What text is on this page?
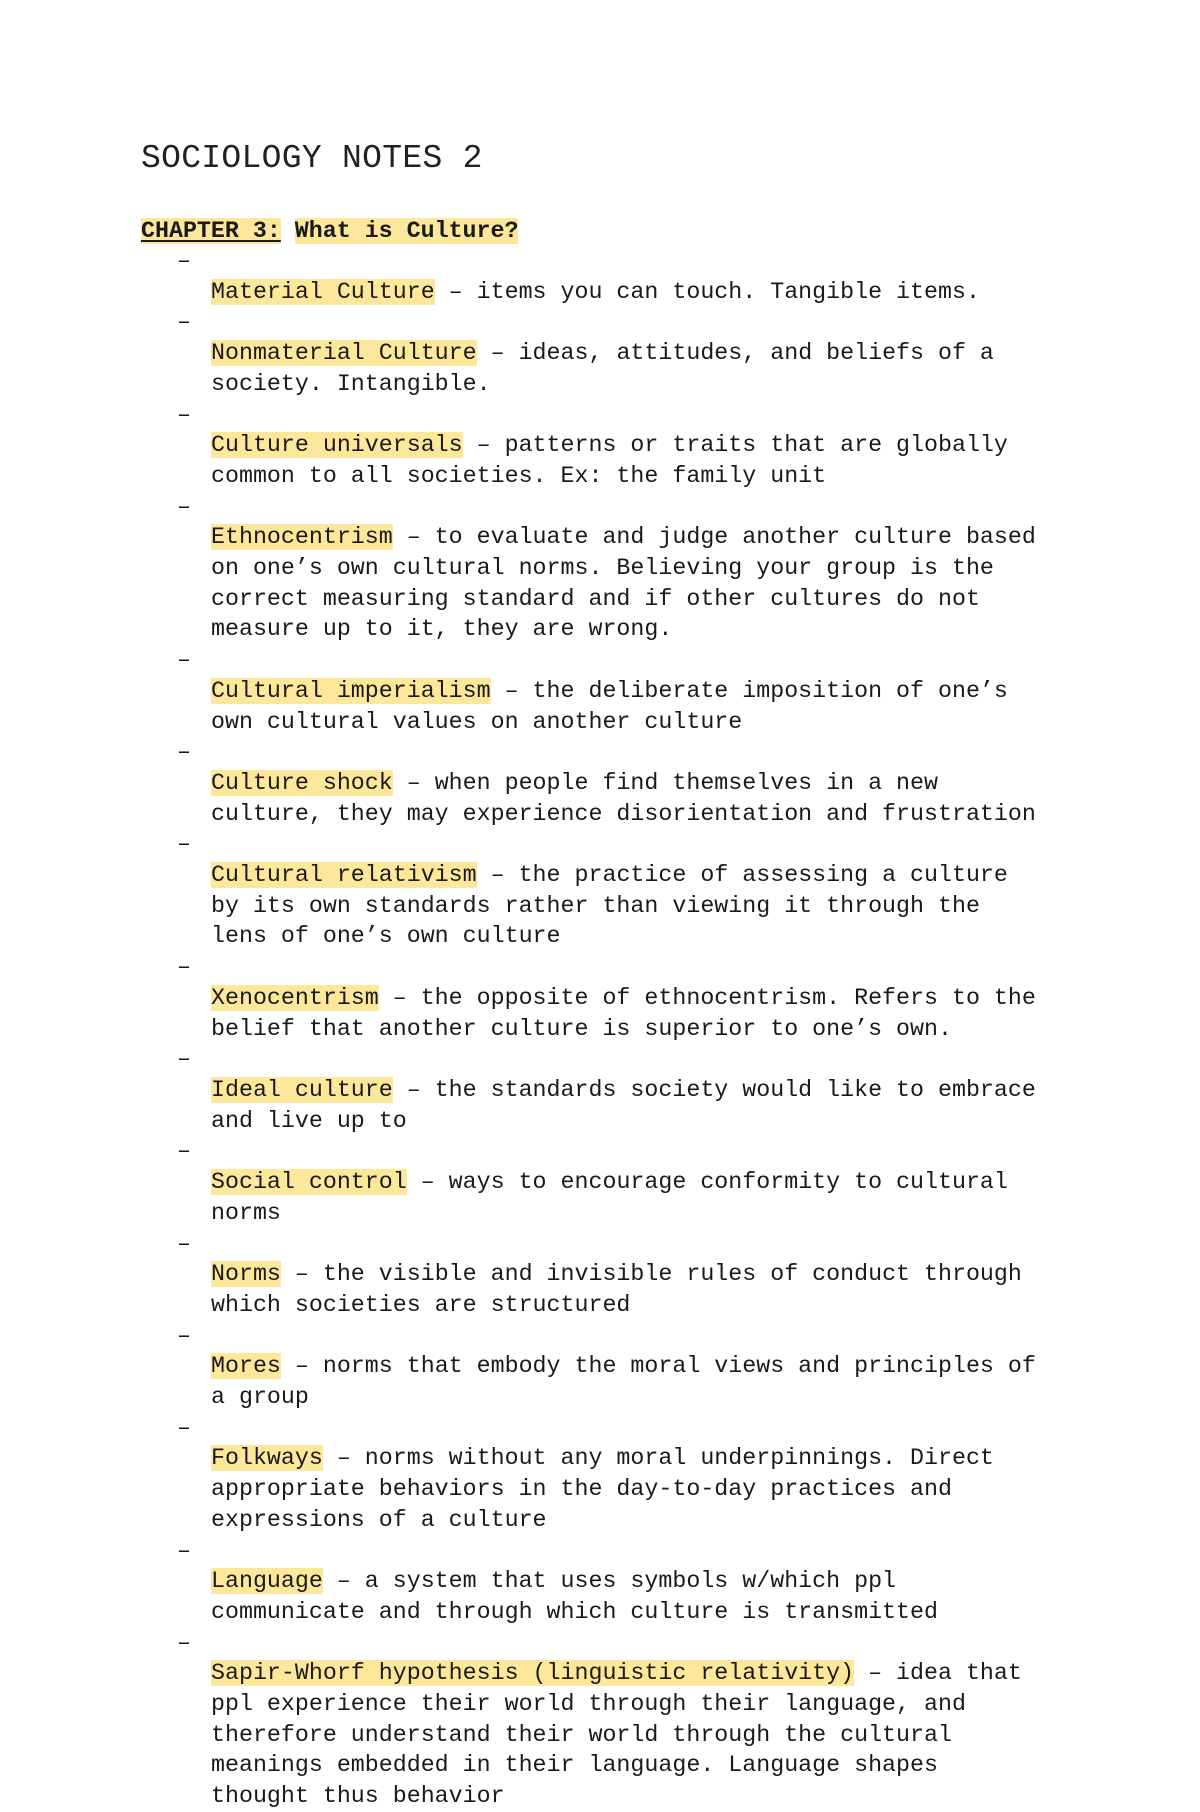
SOCIOLOGY NOTES 2
CHAPTER 3: What is Culture?

–
Material Culture – items you can touch. Tangible items.

–
Nonmaterial Culture – ideas, attitudes, and beliefs of a
society. Intangible.

–
Culture universals – patterns or traits that are globally
common to all societies. Ex: the family unit

–
Ethnocentrism – to evaluate and judge another culture based
on one’s own cultural norms. Believing your group is the
correct measuring standard and if other cultures do not
measure up to it, they are wrong.

–
Cultural imperialism – the deliberate imposition of one’s
own cultural values on another culture

–
Culture shock – when people find themselves in a new
culture, they may experience disorientation and frustration

–
Cultural relativism – the practice of assessing a culture
by its own standards rather than viewing it through the
lens of one’s own culture

–
Xenocentrism – the opposite of ethnocentrism. Refers to the
belief that another culture is superior to one’s own.

–
Ideal culture – the standards society would like to embrace
and live up to

–
Social control – ways to encourage conformity to cultural
norms

–
Norms – the visible and invisible rules of conduct through
which societies are structured

–
Mores – norms that embody the moral views and principles of
a group

–
Folkways – norms without any moral underpinnings. Direct
appropriate behaviors in the day-to-day practices and
expressions of a culture

–
Language – a system that uses symbols w/which ppl
communicate and through which culture is transmitted

–
Sapir-Whorf hypothesis (linguistic relativity) – idea that
ppl experience their world through their language, and
therefore understand their world through the cultural
meanings embedded in their language. Language shapes
thought thus behavior
